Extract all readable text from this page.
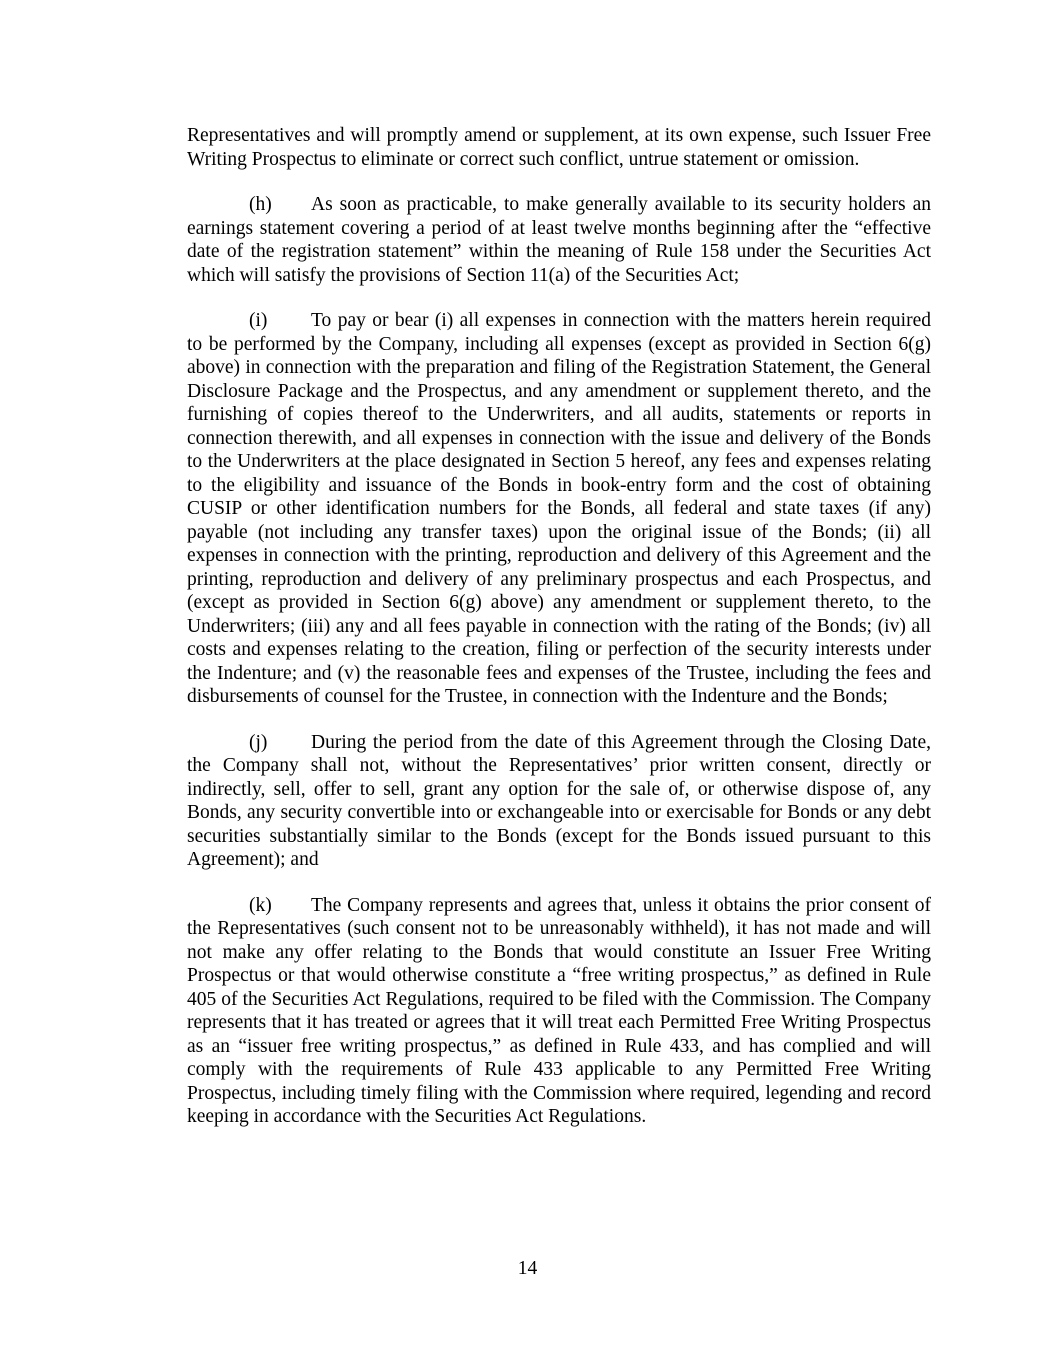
Representatives and will promptly amend or supplement, at its own expense, such Issuer Free Writing Prospectus to eliminate or correct such conflict, untrue statement or omission.

(h) As soon as practicable, to make generally available to its security holders an earnings statement covering a period of at least twelve months beginning after the “effective date of the registration statement” within the meaning of Rule 158 under the Securities Act which will satisfy the provisions of Section 11(a) of the Securities Act;

(i) To pay or bear (i) all expenses in connection with the matters herein required to be performed by the Company, including all expenses (except as provided in Section 6(g) above) in connection with the preparation and filing of the Registration Statement, the General Disclosure Package and the Prospectus, and any amendment or supplement thereto, and the furnishing of copies thereof to the Underwriters, and all audits, statements or reports in connection therewith, and all expenses in connection with the issue and delivery of the Bonds to the Underwriters at the place designated in Section 5 hereof, any fees and expenses relating to the eligibility and issuance of the Bonds in book-entry form and the cost of obtaining CUSIP or other identification numbers for the Bonds, all federal and state taxes (if any) payable (not including any transfer taxes) upon the original issue of the Bonds; (ii) all expenses in connection with the printing, reproduction and delivery of this Agreement and the printing, reproduction and delivery of any preliminary prospectus and each Prospectus, and (except as provided in Section 6(g) above) any amendment or supplement thereto, to the Underwriters; (iii) any and all fees payable in connection with the rating of the Bonds; (iv) all costs and expenses relating to the creation, filing or perfection of the security interests under the Indenture; and (v) the reasonable fees and expenses of the Trustee, including the fees and disbursements of counsel for the Trustee, in connection with the Indenture and the Bonds;

(j) During the period from the date of this Agreement through the Closing Date, the Company shall not, without the Representatives’ prior written consent, directly or indirectly, sell, offer to sell, grant any option for the sale of, or otherwise dispose of, any Bonds, any security convertible into or exchangeable into or exercisable for Bonds or any debt securities substantially similar to the Bonds (except for the Bonds issued pursuant to this Agreement); and

(k) The Company represents and agrees that, unless it obtains the prior consent of the Representatives (such consent not to be unreasonably withheld), it has not made and will not make any offer relating to the Bonds that would constitute an Issuer Free Writing Prospectus or that would otherwise constitute a “free writing prospectus,” as defined in Rule 405 of the Securities Act Regulations, required to be filed with the Commission. The Company represents that it has treated or agrees that it will treat each Permitted Free Writing Prospectus as an “issuer free writing prospectus,” as defined in Rule 433, and has complied and will comply with the requirements of Rule 433 applicable to any Permitted Free Writing Prospectus, including timely filing with the Commission where required, legending and record keeping in accordance with the Securities Act Regulations.

14
